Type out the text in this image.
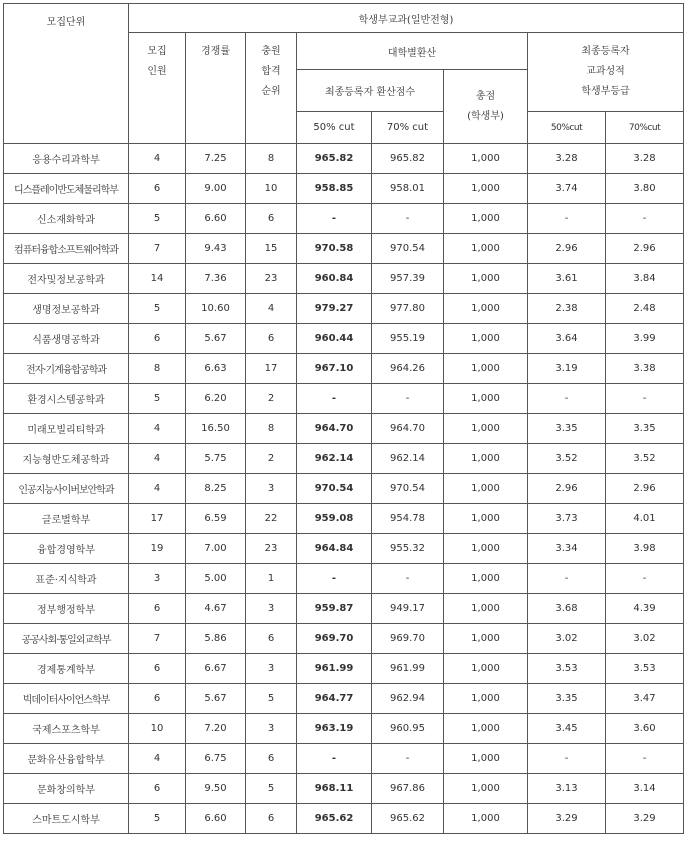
모집단위	학생부교과(일반전형)							
	모집
인원	경쟁률	충원
합격
순위	대학별환산			최종등록자
교과성적
학생부등급	
				최종등록자 환산점수		총점
(학생부)		
				50% cut	70% cut		50%cut	70%cut
응용수리과학부	4	7.25	8	965.82	965.82	1,000	3.28	3.28
디스플레이반도체물리학부	6	9.00	10	958.85	958.01	1,000	3.74	3.80
신소재화학과	5	6.60	6	-	-	1,000	-	-
컴퓨터융합소프트웨어학과	7	9.43	15	970.58	970.54	1,000	2.96	2.96
전자및정보공학과	14	7.36	23	960.84	957.39	1,000	3.61	3.84
생명정보공학과	5	10.60	4	979.27	977.80	1,000	2.38	2.48
식품생명공학과	6	5.67	6	960.44	955.19	1,000	3.64	3.99
전자·기계융합공학과	8	6.63	17	967.10	964.26	1,000	3.19	3.38
환경시스템공학과	5	6.20	2	-	-	1,000	-	-
미래모빌리티학과	4	16.50	8	964.70	964.70	1,000	3.35	3.35
지능형반도체공학과	4	5.75	2	962.14	962.14	1,000	3.52	3.52
인공지능사이버보안학과	4	8.25	3	970.54	970.54	1,000	2.96	2.96
글로벌학부	17	6.59	22	959.08	954.78	1,000	3.73	4.01
융합경영학부	19	7.00	23	964.84	955.32	1,000	3.34	3.98
표준·지식학과	3	5.00	1	-	-	1,000	-	-
정부행정학부	6	4.67	3	959.87	949.17	1,000	3.68	4.39
공공사회·통일외교학부	7	5.86	6	969.70	969.70	1,000	3.02	3.02
경제통계학부	6	6.67	3	961.99	961.99	1,000	3.53	3.53
빅데이터사이언스학부	6	5.67	5	964.77	962.94	1,000	3.35	3.47
국제스포츠학부	10	7.20	3	963.19	960.95	1,000	3.45	3.60
문화유산융합학부	4	6.75	6	-	-	1,000	-	-
문화창의학부	6	9.50	5	968.11	967.86	1,000	3.13	3.14
스마트도시학부	5	6.60	6	965.62	965.62	1,000	3.29	3.29
